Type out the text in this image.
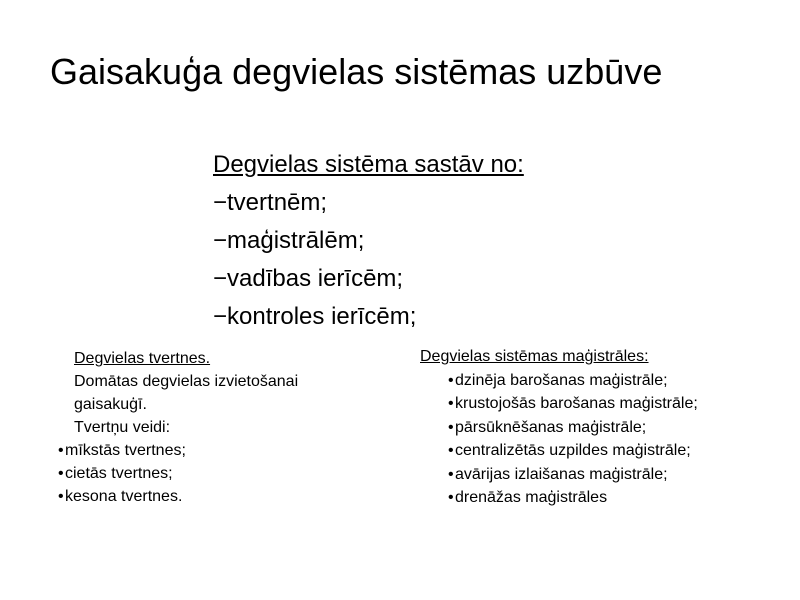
Gaisakuģa degvielas sistēmas uzbūve
Degvielas sistēma sastāv no:
−tvertnēm;
−maģistrālēm;
−vadības ierīcēm;
−kontroles ierīcēm;
Degvielas tvertnes.
Domātas degvielas izvietošanai
gaisakuģī.
Tvertņu veidi:
•mīkstās tvertnes;
•cietās tvertnes;
•kesona tvertnes.
Degvielas sistēmas maģistrāles:
•dzinēja barošanas maģistrāle;
•krustojošās barošanas maģistrāle;
•pārsūknēšanas maģistrāle;
•centralizētās uzpildes maģistrāle;
•avārijas izlaišanas maģistrāle;
•drenāžas maģistrāles
